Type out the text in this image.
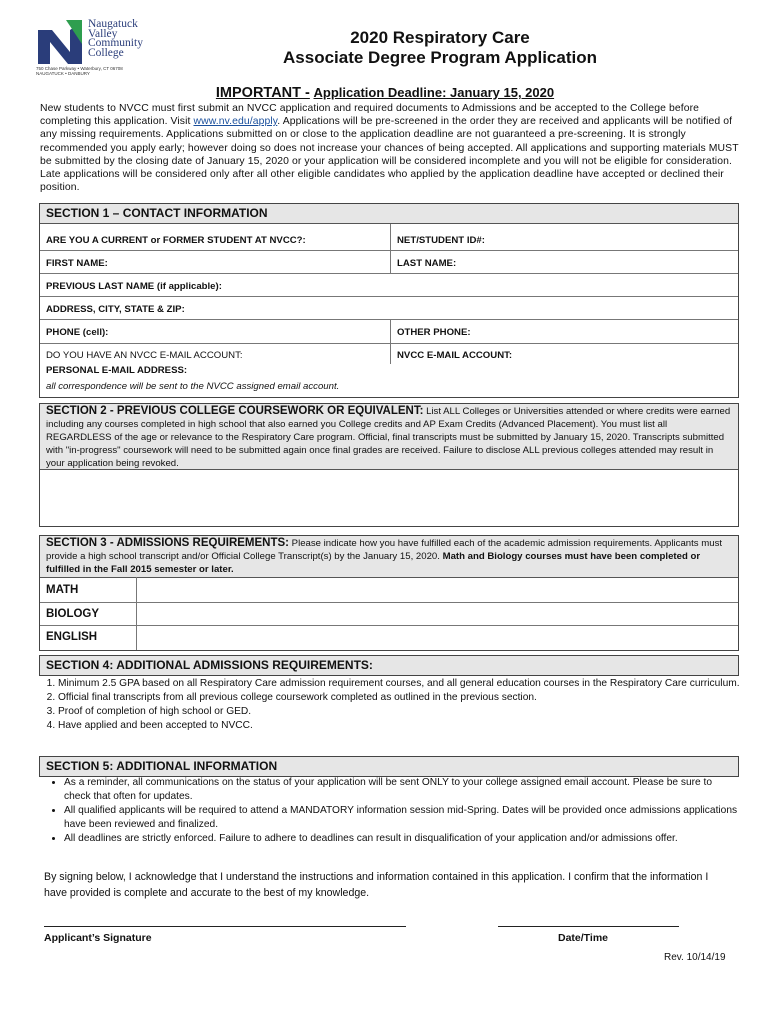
Naugatuck
Valley
Community
College
750 Chase Parkway • Waterbury, CT 06708
NAUGATUCK • DANBURY
2020 Respiratory Care
Associate Degree Program Application
IMPORTANT - Application Deadline: January 15, 2020
New students to NVCC must first submit an NVCC application and required documents to Admissions and be accepted to the College before completing this application. Visit www.nv.edu/apply. Applications will be pre-screened in the order they are received and applicants will be notified of any missing requirements. Applications submitted on or close to the application deadline are not guaranteed a pre-screening. It is strongly recommended you apply early; however doing so does not increase your chances of being accepted. All applications and supporting materials MUST be submitted by the closing date of January 15, 2020 or your application will be considered incomplete and you will not be eligible for consideration. Late applications will be considered only after all other eligible candidates who applied by the application deadline have accepted or declined their position.
SECTION 1 – CONTACT INFORMATION
ARE YOU A CURRENT or FORMER STUDENT AT NVCC?:	NET/STUDENT ID#:
FIRST NAME:	LAST NAME:
PREVIOUS LAST NAME (if applicable):
ADDRESS, CITY, STATE & ZIP:
PHONE (cell):	OTHER PHONE:
DO YOU HAVE AN NVCC E-MAIL ACCOUNT:	NVCC E-MAIL ACCOUNT:
PERSONAL E-MAIL ADDRESS:
all correspondence will be sent to the NVCC assigned email account.
SECTION 2 - PREVIOUS COLLEGE COURSEWORK OR EQUIVALENT: List ALL Colleges or Universities attended or where credits were earned including any courses completed in high school that also earned you College credits and AP Exam Credits (Advanced Placement). You must list all REGARDLESS of the age or relevance to the Respiratory Care program. Official, final transcripts must be submitted by January 15, 2020. Transcripts submitted with "in-progress" coursework will need to be submitted again once final grades are received. Failure to disclose ALL previous colleges attended may result in your application being revoked.
SECTION 3 - ADMISSIONS REQUIREMENTS: Please indicate how you have fulfilled each of the academic admission requirements. Applicants must provide a high school transcript and/or Official College Transcript(s) by the January 15, 2020. Math and Biology courses must have been completed or fulfilled in the Fall 2015 semester or later.
MATH
BIOLOGY
ENGLISH
SECTION 4: ADDITIONAL ADMISSIONS REQUIREMENTS:
1. Minimum 2.5 GPA based on all Respiratory Care admission requirement courses, and all general education courses in the Respiratory Care curriculum.
2. Official final transcripts from all previous college coursework completed as outlined in the previous section.
3. Proof of completion of high school or GED.
4. Have applied and been accepted to NVCC.
SECTION 5: ADDITIONAL INFORMATION
• As a reminder, all communications on the status of your application will be sent ONLY to your college assigned email account. Please be sure to check that often for updates.
• All qualified applicants will be required to attend a MANDATORY information session mid-Spring. Dates will be provided once admissions applications have been reviewed and finalized.
• All deadlines are strictly enforced. Failure to adhere to deadlines can result in disqualification of your application and/or admissions offer.
By signing below, I acknowledge that I understand the instructions and information contained in this application. I confirm that the information I have provided is complete and accurate to the best of my knowledge.
Applicant’s Signature	Date/Time
Rev. 10/14/19
